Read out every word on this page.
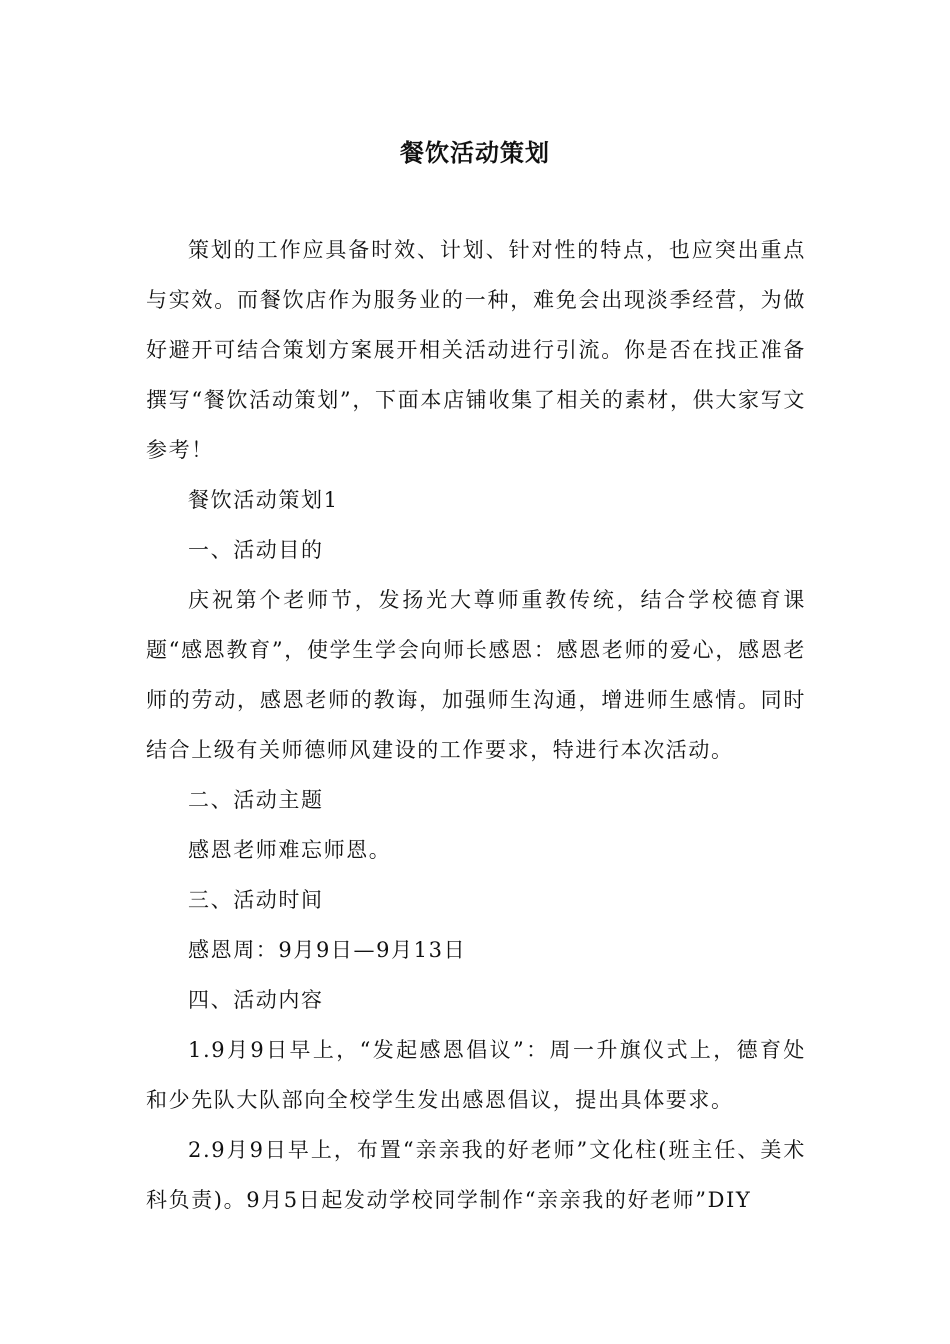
餐饮活动策划

策划的工作应具备时效、计划、针对性的特点，也应突出重点与实效。而餐饮店作为服务业的一种，难免会出现淡季经营，为做好避开可结合策划方案展开相关活动进行引流。你是否在找正准备撰写“餐饮活动策划”，下面本店铺收集了相关的素材，供大家写文参考！

餐饮活动策划1

一、活动目的

庆祝第个老师节，发扬光大尊师重教传统，结合学校德育课题“感恩教育”，使学生学会向师长感恩：感恩老师的爱心，感恩老师的劳动，感恩老师的教诲，加强师生沟通，增进师生感情。同时结合上级有关师德师风建设的工作要求，特进行本次活动。

二、活动主题

感恩老师难忘师恩。

三、活动时间

感恩周：9月9日—9月13日

四、活动内容

1.9月9日早上，“发起感恩倡议”：周一升旗仪式上，德育处和少先队大队部向全校学生发出感恩倡议，提出具体要求。

2.9月9日早上，布置“亲亲我的好老师”文化柱(班主任、美术科负责)。9月5日起发动学校同学制作“亲亲我的好老师”DIY
